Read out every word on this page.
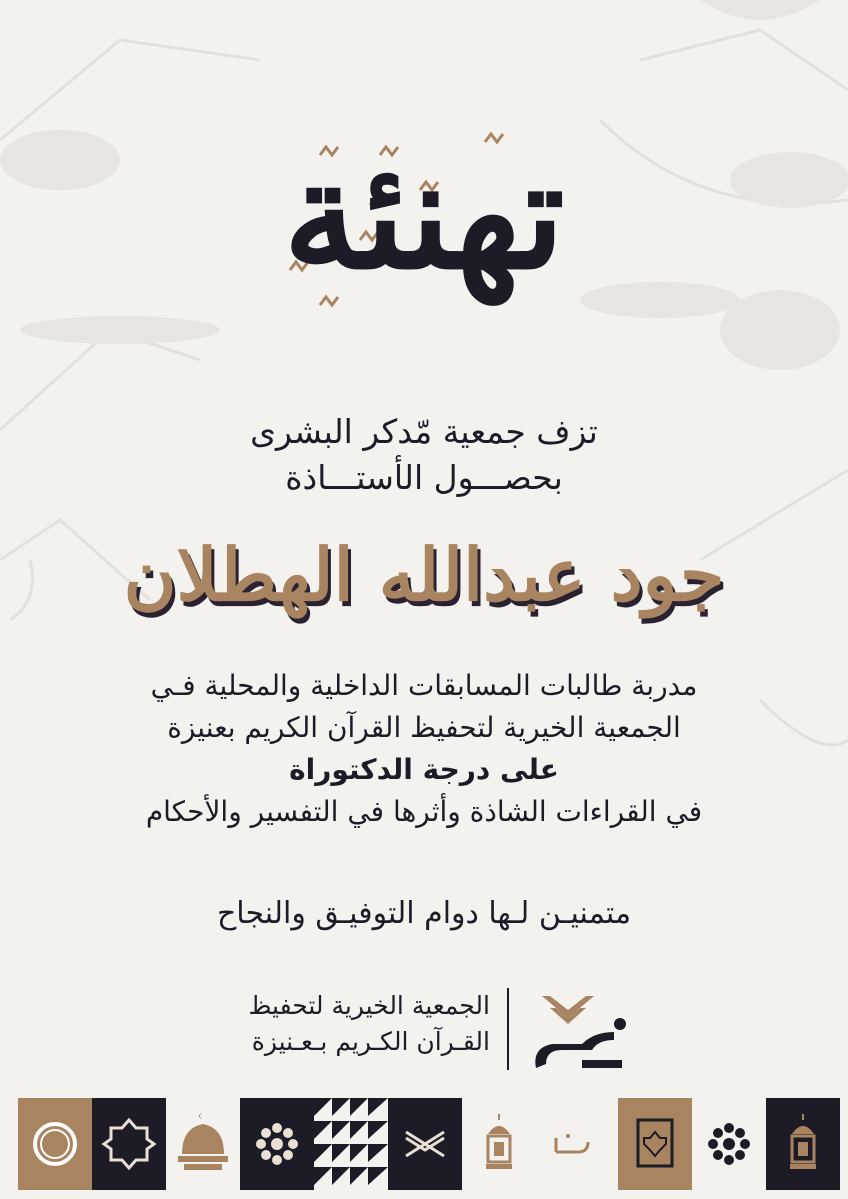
تهنئة
تزف جمعية مّدكر البشرى
بحصـــول الأستـــاذة
جود عبدالله الهطلان
مدربة طالبات المسابقات الداخلية والمحلية فـي
الجمعية الخيرية لتحفيظ القرآن الكريم بعنيزة
على درجة الدكتوراة
في القراءات الشاذة وأثرها في التفسير والأحكام
متمنيـن لـها دوام التوفيـق والنجاح
الجمعية الخيرية لتحفيظ
القـرآن الكـريم بـعـنيزة
